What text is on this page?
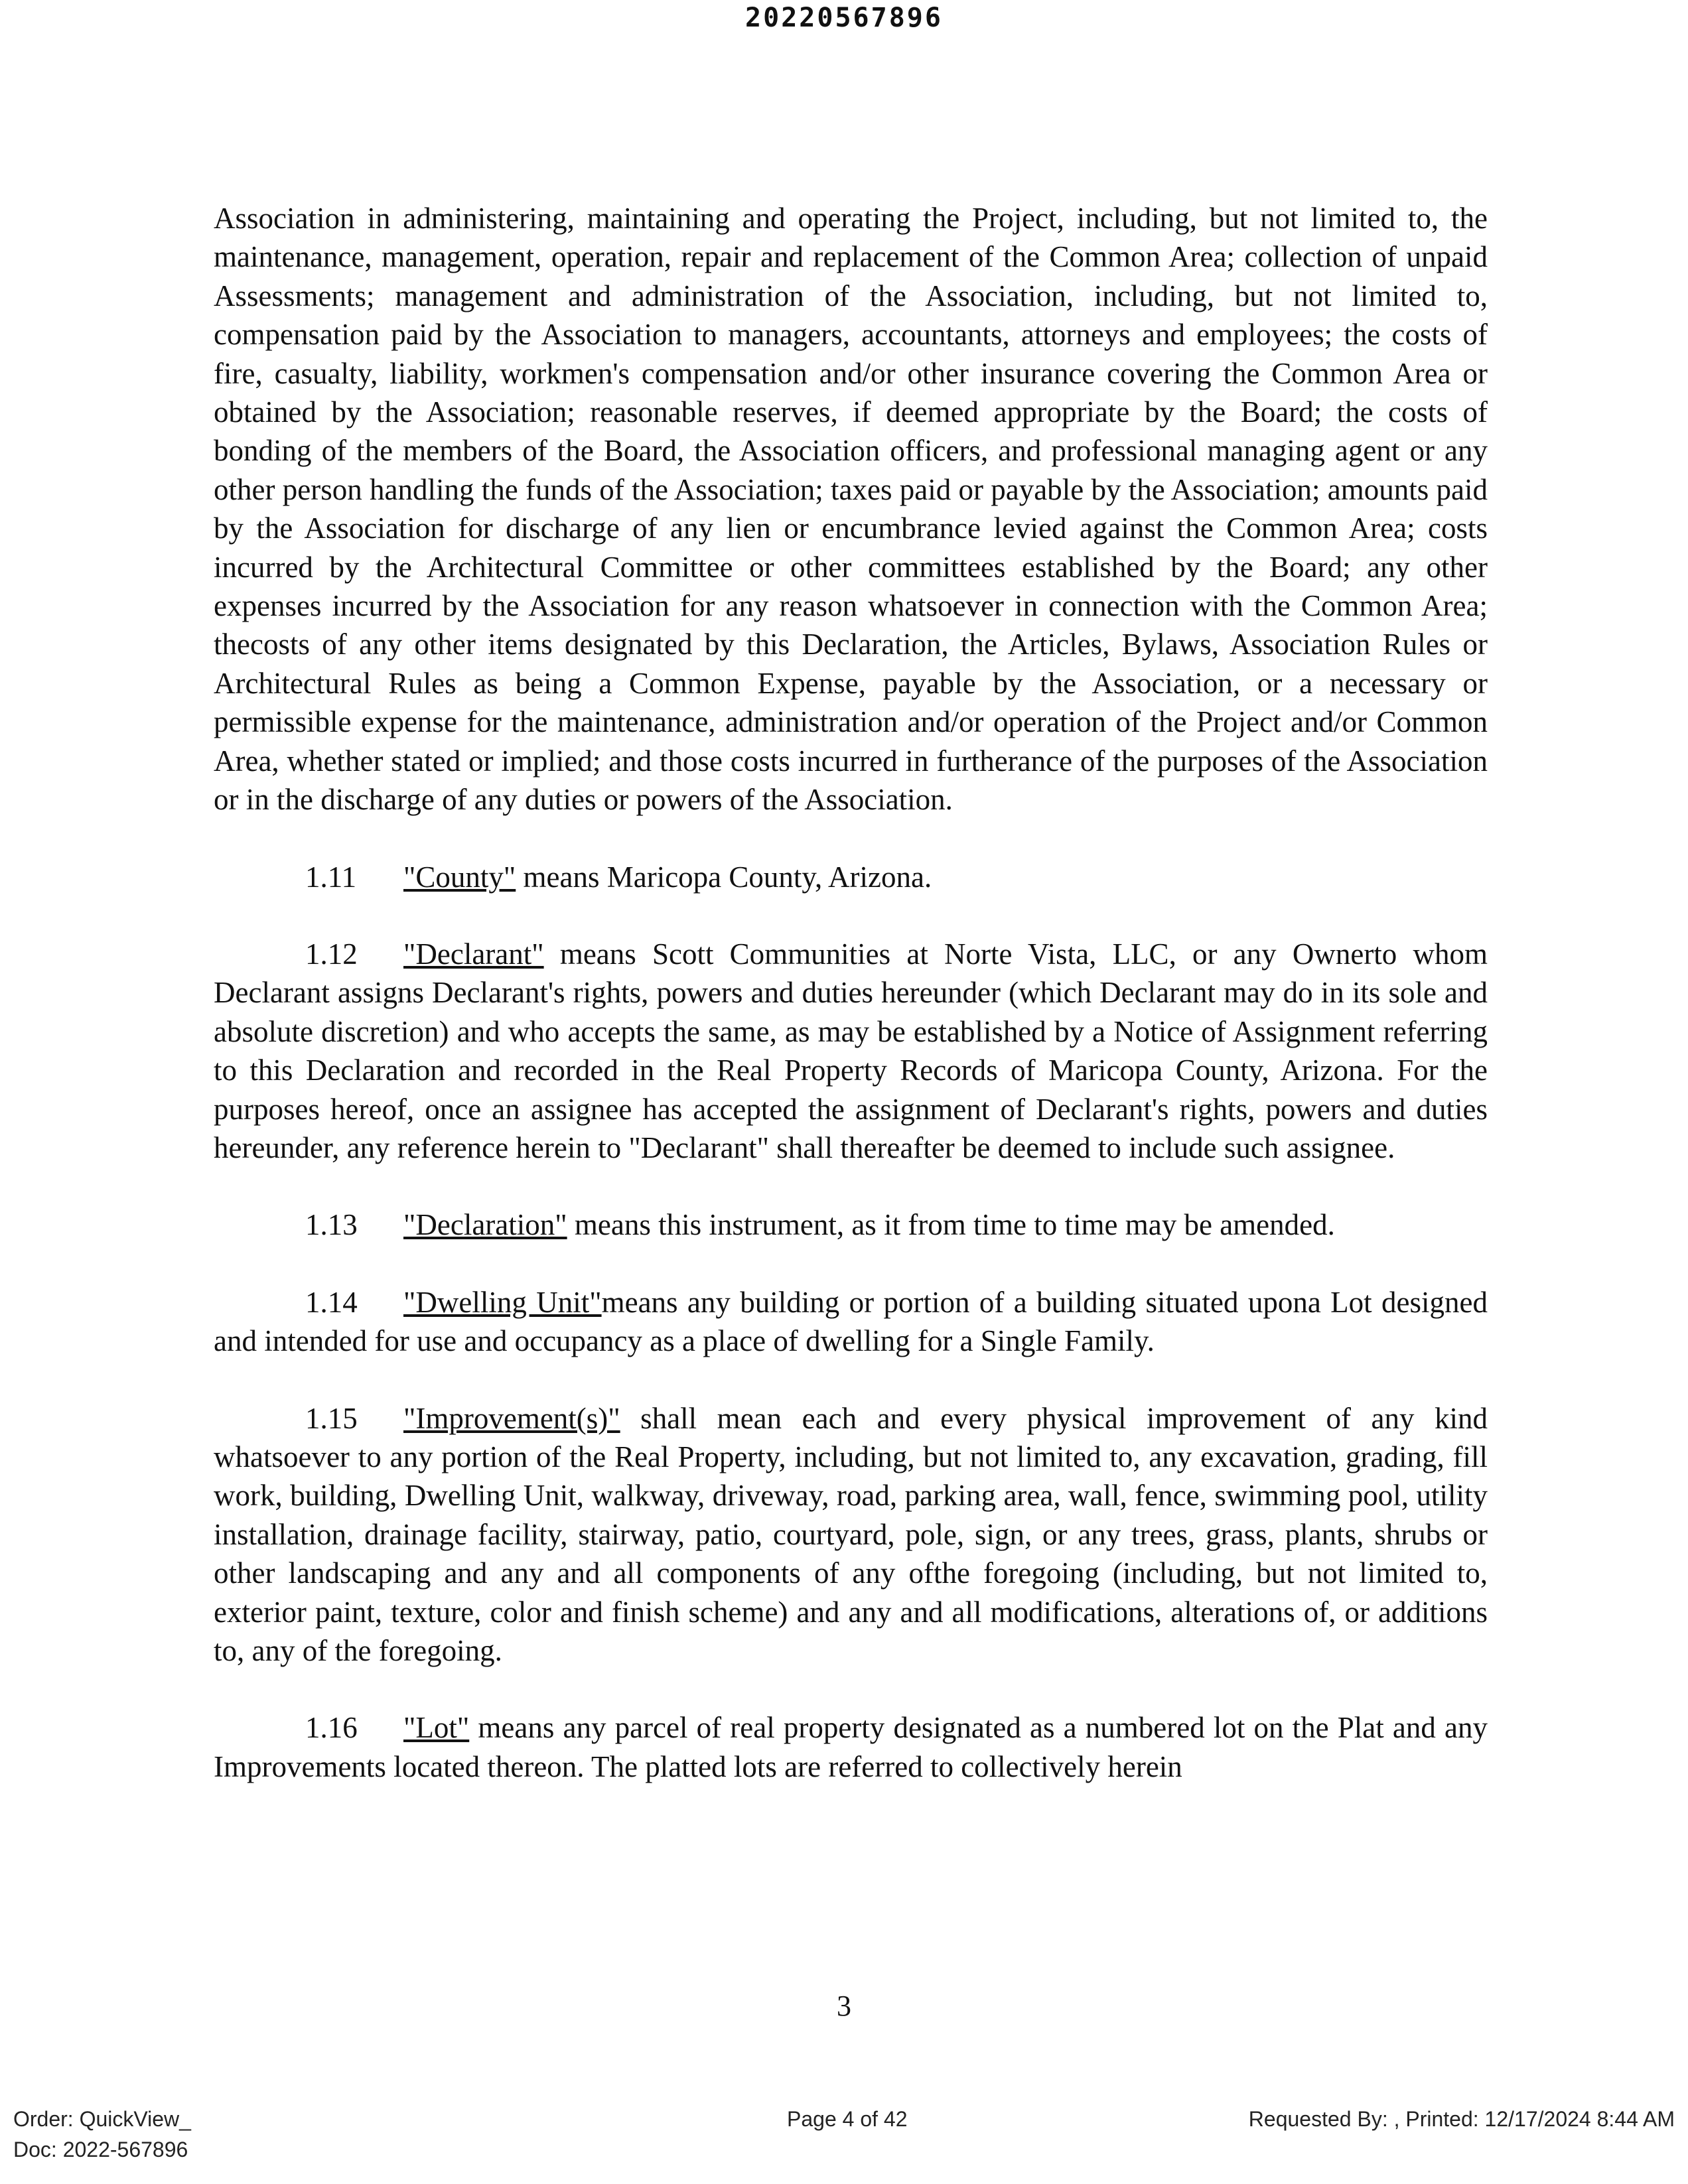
20220567896

Association in administering, maintaining and operating the Project, including, but not limited to, the maintenance, management, operation, repair and replacement of the Common Area; collection of unpaid Assessments; management and administration of the Association, including, but not limited to, compensation paid by the Association to managers, accountants, attorneys and employees; the costs of fire, casualty, liability, workmen's compensation and/or other insurance covering the Common Area or obtained by the Association; reasonable reserves, if deemed appropriate by the Board; the costs of bonding of the members of the Board, the Association officers, and professional managing agent or any other person handling the funds of the Association; taxes paid or payable by the Association; amounts paid by the Association for discharge of any lien or encumbrance levied against the Common Area; costs incurred by the Architectural Committee or other committees established by the Board; any other expenses incurred by the Association for any reason whatsoever in connection with the Common Area; thecosts of any other items designated by this Declaration, the Articles, Bylaws, Association Rules or Architectural Rules as being a Common Expense, payable by the Association, or a necessary or permissible expense for the maintenance, administration and/or operation of the Project and/or Common Area, whether stated or implied; and those costs incurred in furtherance of the purposes of the Association or in the discharge of any duties or powers of the Association.

1.11 "County" means Maricopa County, Arizona.

1.12 "Declarant" means Scott Communities at Norte Vista, LLC, or any Ownerto whom Declarant assigns Declarant's rights, powers and duties hereunder (which Declarant may do in its sole and absolute discretion) and who accepts the same, as may be established by a Notice of Assignment referring to this Declaration and recorded in the Real Property Records of Maricopa County, Arizona. For the purposes hereof, once an assignee has accepted the assignment of Declarant's rights, powers and duties hereunder, any reference herein to "Declarant" shall thereafter be deemed to include such assignee.

1.13 "Declaration" means this instrument, as it from time to time may be amended.

1.14 "Dwelling Unit"means any building or portion of a building situated upona Lot designed and intended for use and occupancy as a place of dwelling for a Single Family.

1.15 "Improvement(s)" shall mean each and every physical improvement of any kind whatsoever to any portion of the Real Property, including, but not limited to, any excavation, grading, fill work, building, Dwelling Unit, walkway, driveway, road, parking area, wall, fence, swimming pool, utility installation, drainage facility, stairway, patio, courtyard, pole, sign, or any trees, grass, plants, shrubs or other landscaping and any and all components of any ofthe foregoing (including, but not limited to, exterior paint, texture, color and finish scheme) and any and all modifications, alterations of, or additions to, any of the foregoing.

1.16 "Lot" means any parcel of real property designated as a numbered lot on the Plat and any Improvements located thereon. The platted lots are referred to collectively herein

3
Order: QuickView_	Page 4 of 42	Requested By: , Printed: 12/17/2024 8:44 AM
Doc: 2022-567896
